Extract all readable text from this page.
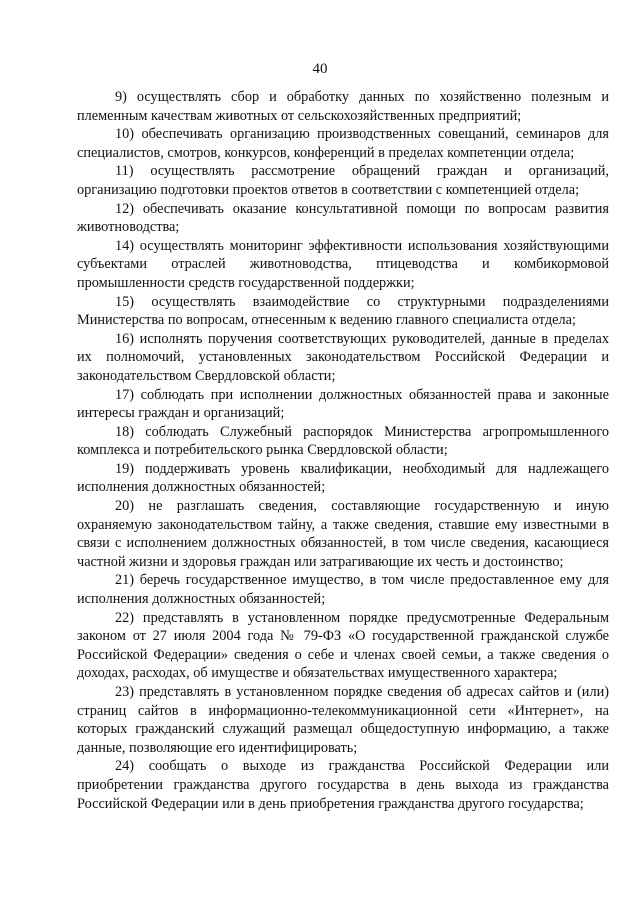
40

9) осуществлять сбор и обработку данных по хозяйственно полезным и племенным качествам животных от сельскохозяйственных предприятий;

10) обеспечивать организацию производственных совещаний, семинаров для специалистов, смотров, конкурсов, конференций в пределах компетенции отдела;

11) осуществлять рассмотрение обращений граждан и организаций, организацию подготовки проектов ответов в соответствии с компетенцией отдела;

12) обеспечивать оказание консультативной помощи по вопросам развития животноводства;

14) осуществлять мониторинг эффективности использования хозяйствующими субъектами отраслей животноводства, птицеводства и комбикормовой промышленности средств государственной поддержки;

15) осуществлять взаимодействие со структурными подразделениями Министерства по вопросам, отнесенным к ведению главного специалиста отдела;

16) исполнять поручения соответствующих руководителей, данные в пределах их полномочий, установленных законодательством Российской Федерации и законодательством Свердловской области;

17) соблюдать при исполнении должностных обязанностей права и законные интересы граждан и организаций;

18) соблюдать Служебный распорядок Министерства агропромышленного комплекса и потребительского рынка Свердловской области;

19) поддерживать уровень квалификации, необходимый для надлежащего исполнения должностных обязанностей;

20) не разглашать сведения, составляющие государственную и иную охраняемую законодательством тайну, а также сведения, ставшие ему известными в связи с исполнением должностных обязанностей, в том числе сведения, касающиеся частной жизни и здоровья граждан или затрагивающие их честь и достоинство;

21) беречь государственное имущество, в том числе предоставленное ему для исполнения должностных обязанностей;

22) представлять в установленном порядке предусмотренные Федеральным законом от 27 июля 2004 года № 79-ФЗ «О государственной гражданской службе Российской Федерации» сведения о себе и членах своей семьи, а также сведения о доходах, расходах, об имуществе и обязательствах имущественного характера;

23) представлять в установленном порядке сведения об адресах сайтов и (или) страниц сайтов в информационно-телекоммуникационной сети «Интернет», на которых гражданский служащий размещал общедоступную информацию, а также данные, позволяющие его идентифицировать;

24) сообщать о выходе из гражданства Российской Федерации или приобретении гражданства другого государства в день выхода из гражданства Российской Федерации или в день приобретения гражданства другого государства;
